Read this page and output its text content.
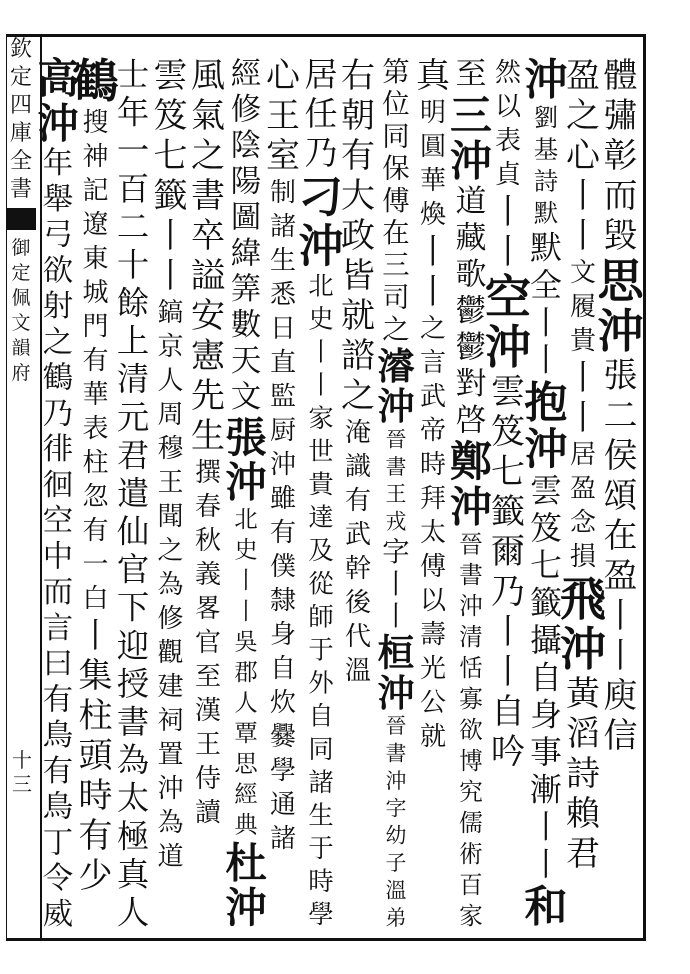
欽
定
四
庫
全
書
御
定
佩
文
韻
府
十三
體
彇
彰
而
毀
思
沖
張
二
侯
頌
在
盈
丨
丨
庾
信
盈
之
心
丨
丨
文
履
貴
丨
丨
居
盈
念
損
飛
沖
黃
滔
詩
賴
君
沖
劉
基
詩
默
默
全
丨
丨
抱
沖
雲
笈
七
籤
攝
自
身
事
漸
丨
丨
和
然
以
表
貞
丨
丨
空
沖
雲
笈
七
籤
爾
乃
丨
丨
自
吟
至
三
沖
道
藏
歌
鬱
鬱
對
啓
鄭
沖
晉
書
沖
清
恬
寡
欲
博
究
儒
術
百
家
真
明
圓
華
煥
丨
丨
之
言
武
帝
時
拜
太
傅
以
壽
光
公
就
第
位
同
保
傅
在
三
司
之
濬
沖
晉
書
王
戎
字
丨
丨
桓
沖
晉
書
沖
字
幼
子
溫
弟
右
朝
有
大
政
皆
就
諮
之
淹
識
有
武
幹
後
代
溫
居
任
乃
刁
沖
北
史
丨
丨
家
世
貴
達
及
從
師
于
外
自
同
諸
生
于
時
學
心
王
室
制
諸
生
悉
日
直
監
厨
沖
雖
有
僕
隸
身
自
炊
爨
學
通
諸
經
修
陰
陽
圖
緯
筭
數
天
文
張
沖
北
史
丨
丨
吳
郡
人
覃
思
經
典
杜
沖
風
氣
之
書
卒
謚
安
憲
先
生
撰
春
秋
義
畧
官
至
漢
王
侍
讀
雲
笈
七
籤
丨
丨
鎬
京
人
周
穆
王
聞
之
為
修
觀
建
祠
置
沖
為
道
士
年
一
百
二
十
餘
上
清
元
君
遣
仙
官
下
迎
授
書
為
太
極
真
人
鶴
搜
神
記
遼
東
城
門
有
華
表
柱
忽
有
一
白
丨
集
柱
頭
時
有
少
高
沖
年
舉
弓
欲
射
之
鶴
乃
徘
徊
空
中
而
言
曰
有
鳥
有
鳥
丁
令
威
